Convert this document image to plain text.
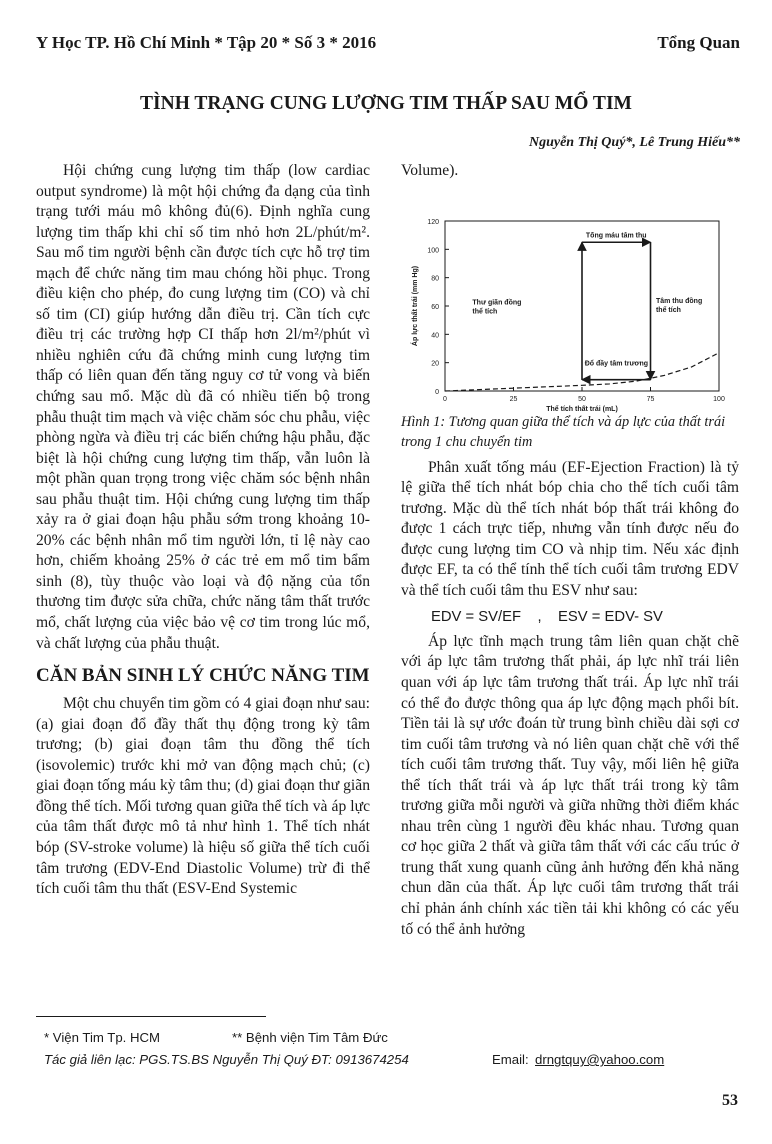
Y Học TP. Hồ Chí Minh * Tập 20 * Số 3 * 2016	Tổng Quan
TÌNH TRẠNG CUNG LƯỢNG TIM THẤP SAU MỔ TIM
Nguyễn Thị Quý*, Lê Trung Hiếu**

Hội chứng cung lượng tim thấp (low cardiac output syndrome) là một hội chứng đa dạng của tình trạng tưới máu mô không đủ(6). Định nghĩa cung lượng tim thấp khi chỉ số tim nhỏ hơn 2L/phút/m². Sau mổ tim người bệnh cần được tích cực hỗ trợ tim mạch để chức năng tim mau chóng hồi phục. Trong điều kiện cho phép, đo cung lượng tim (CO) và chỉ số tim (CI) giúp hướng dẫn điều trị. Cần tích cực điều trị các trường hợp CI thấp hơn 2l/m²/phút vì nhiều nghiên cứu đã chứng minh cung lượng tim thấp có liên quan đến tăng nguy cơ tử vong và biến chứng sau mổ. Mặc dù đã có nhiều tiến bộ trong phẫu thuật tim mạch và việc chăm sóc chu phẫu, việc phòng ngừa và điều trị các biến chứng hậu phẫu, đặc biệt là hội chứng cung lượng tim thấp, vẫn luôn là một phần quan trọng trong việc chăm sóc bệnh nhân sau phẫu thuật tim. Hội chứng cung lượng tim thấp xảy ra ở giai đoạn hậu phẫu sớm trong khoảng 10-20% các bệnh nhân mổ tim người lớn, tỉ lệ này cao hơn, chiếm khoảng 25% ở các trẻ em mổ tim bẩm sinh (8), tùy thuộc vào loại và độ nặng của tổn thương tim được sửa chữa, chức năng tâm thất trước mổ, chất lượng của việc bảo vệ cơ tim trong lúc mổ, và chất lượng của phẫu thuật.

CĂN BẢN SINH LÝ CHỨC NĂNG TIM

Một chu chuyển tim gồm có 4 giai đoạn như sau: (a) giai đoạn đổ đầy thất thụ động trong kỳ tâm trương; (b) giai đoạn tâm thu đồng thể tích (isovolemic) trước khi mở van động mạch chủ; (c) giai đoạn tống máu kỳ tâm thu; (d) giai đoạn thư giãn đồng thể tích. Mối tương quan giữa thể tích và áp lực của tâm thất được mô tả như hình 1. Thể tích nhát bóp (SV-stroke volume) là hiệu số giữa thể tích cuối tâm trương (EDV-End Diastolic Volume) trừ đi thể tích cuối tâm thu thất (ESV-End Systemic

Volume).

0
20
40
60
80
100
120
0	25	50	75	100
Thể tích thất trái (mL)
Áp lực thất trái (mm Hg)
Tống máu tâm thu
Thư giãn đồng
thể tích
Tâm thu đồng
thể tích
Đổ đầy tâm trương

Hình 1: Tương quan giữa thể tích và áp lực của thất trái trong 1 chu chuyển tim

Phân xuất tống máu (EF-Ejection Fraction) là tỷ lệ giữa thể tích nhát bóp chia cho thể tích cuối tâm trương. Mặc dù thể tích nhát bóp thất trái không đo được 1 cách trực tiếp, nhưng vẫn tính được nếu đo được cung lượng tim CO và nhịp tim. Nếu xác định được EF, ta có thể tính thể tích cuối tâm trương EDV và thể tích cuối tâm thu ESV như sau:

EDV = SV/EF    ,    ESV = EDV- SV

Áp lực tĩnh mạch trung tâm liên quan chặt chẽ với áp lực tâm trương thất phải, áp lực nhĩ trái liên quan với áp lực tâm trương thất trái. Áp lực nhĩ trái có thể đo được thông qua áp lực động mạch phổi bít. Tiền tải là sự ước đoán từ trung bình chiều dài sợi cơ tim cuối tâm trương và nó liên quan chặt chẽ với thể tích cuối tâm trương thất. Tuy vậy, mối liên hệ giữa thể tích thất trái và áp lực thất trái trong kỳ tâm trương giữa mỗi người và giữa những thời điểm khác nhau trên cùng 1 người đều khác nhau. Tương quan cơ học giữa 2 thất và giữa tâm thất với các cấu trúc ở trung thất xung quanh cũng ảnh hưởng đến khả năng chun dãn của thất. Áp lực cuối tâm trương thất trái chỉ phản ánh chính xác tiền tải khi không có các yếu tố có thể ảnh hưởng

* Viện Tim Tp. HCM	** Bệnh viện Tim Tâm Đức
Tác giả liên lạc: PGS.TS.BS Nguyễn Thị Quý ĐT: 0913674254	Email: drngtquy@yahoo.com
53
